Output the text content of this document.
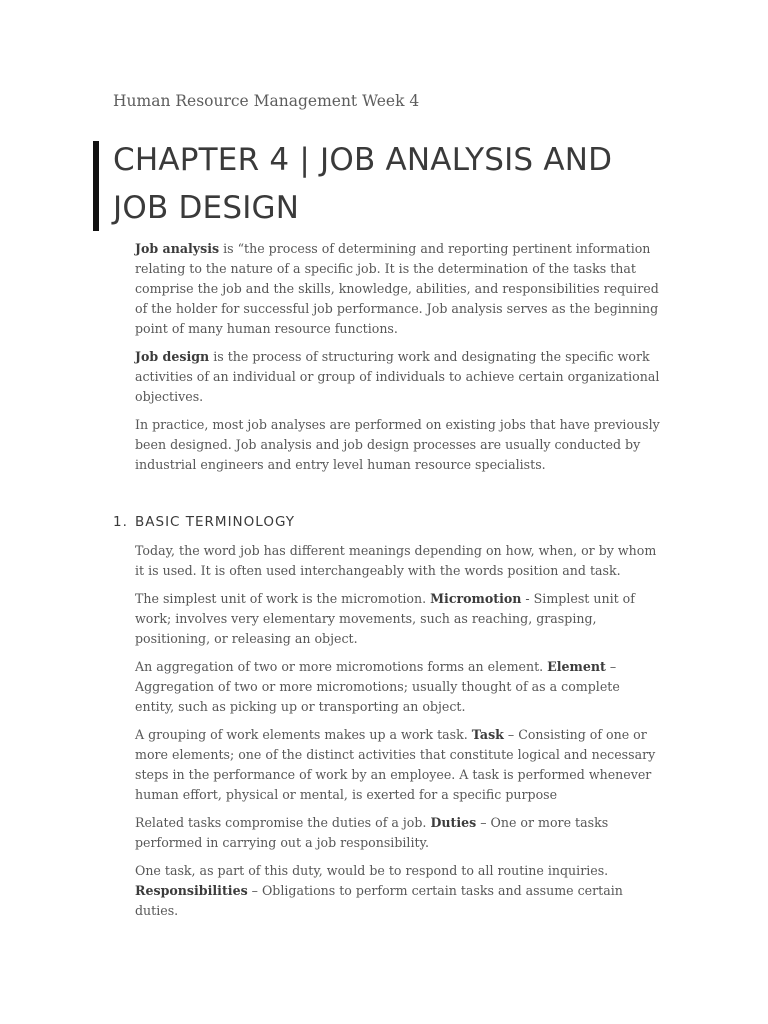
Human Resource Management Week 4
CHAPTER 4 | JOB ANALYSIS AND
JOB DESIGN

Job analysis is “the process of determining and reporting pertinent information relating to the nature of a specific job. It is the determination of the tasks that comprise the job and the skills, knowledge, abilities, and responsibilities required of the holder for successful job performance. Job analysis serves as the beginning point of many human resource functions.

Job design is the process of structuring work and designating the specific work activities of an individual or group of individuals to achieve certain organizational objectives.

In practice, most job analyses are performed on existing jobs that have previously been designed. Job analysis and job design processes are usually conducted by industrial engineers and entry level human resource specialists.

1. BASIC TERMINOLOGY

Today, the word job has different meanings depending on how, when, or by whom it is used. It is often used interchangeably with the words position and task.

The simplest unit of work is the micromotion. Micromotion - Simplest unit of work; involves very elementary movements, such as reaching, grasping, positioning, or releasing an object.

An aggregation of two or more micromotions forms an element. Element – Aggregation of two or more micromotions; usually thought of as a complete entity, such as picking up or transporting an object.

A grouping of work elements makes up a work task. Task – Consisting of one or more elements; one of the distinct activities that constitute logical and necessary steps in the performance of work by an employee. A task is performed whenever human effort, physical or mental, is exerted for a specific purpose

Related tasks compromise the duties of a job. Duties – One or more tasks performed in carrying out a job responsibility.

One task, as part of this duty, would be to respond to all routine inquiries. Responsibilities – Obligations to perform certain tasks and assume certain duties.
